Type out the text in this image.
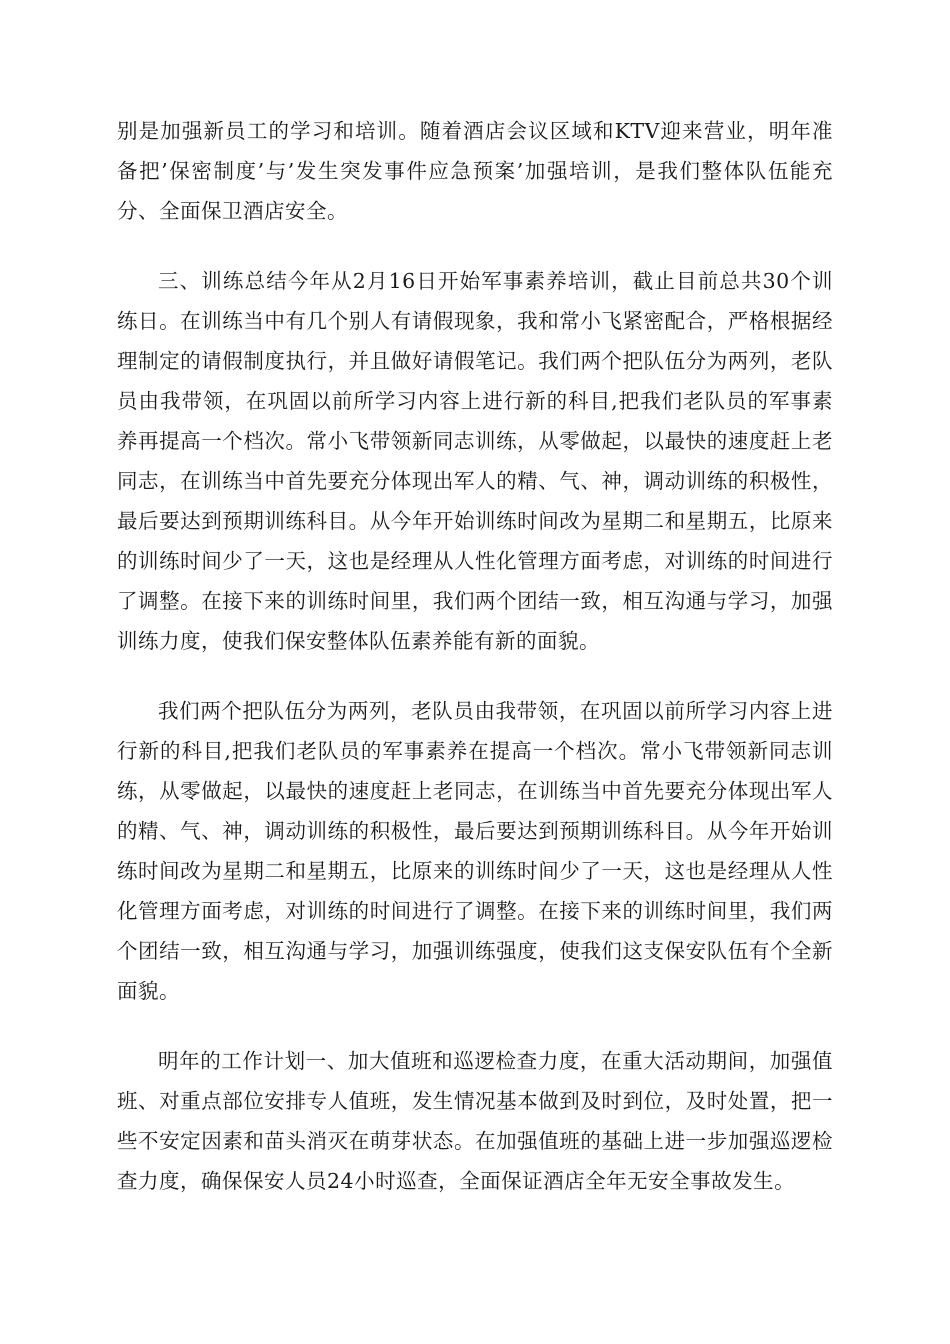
别是加强新员工的学习和培训。随着酒店会议区域和KTV迎来营业，明年准备把’保密制度’与’发生突发事件应急预案’加强培训，是我们整体队伍能充分、全面保卫酒店安全。

三、训练总结今年从2月16日开始军事素养培训，截止目前总共30个训练日。在训练当中有几个别人有请假现象，我和常小飞紧密配合，严格根据经理制定的请假制度执行，并且做好请假笔记。我们两个把队伍分为两列，老队员由我带领，在巩固以前所学习内容上进行新的科目,把我们老队员的军事素养再提高一个档次。常小飞带领新同志训练，从零做起，以最快的速度赶上老同志，在训练当中首先要充分体现出军人的精、气、神，调动训练的积极性，最后要达到预期训练科目。从今年开始训练时间改为星期二和星期五，比原来的训练时间少了一天，这也是经理从人性化管理方面考虑，对训练的时间进行了调整。在接下来的训练时间里，我们两个团结一致，相互沟通与学习，加强训练力度，使我们保安整体队伍素养能有新的面貌。

我们两个把队伍分为两列，老队员由我带领，在巩固以前所学习内容上进行新的科目,把我们老队员的军事素养在提高一个档次。常小飞带领新同志训练，从零做起，以最快的速度赶上老同志，在训练当中首先要充分体现出军人的精、气、神，调动训练的积极性，最后要达到预期训练科目。从今年开始训练时间改为星期二和星期五，比原来的训练时间少了一天，这也是经理从人性化管理方面考虑，对训练的时间进行了调整。在接下来的训练时间里，我们两个团结一致，相互沟通与学习，加强训练强度，使我们这支保安队伍有个全新面貌。

明年的工作计划一、加大值班和巡逻检查力度，在重大活动期间，加强值班、对重点部位安排专人值班，发生情况基本做到及时到位，及时处置，把一些不安定因素和苗头消灭在萌芽状态。在加强值班的基础上进一步加强巡逻检查力度，确保保安人员24小时巡查，全面保证酒店全年无安全事故发生。
